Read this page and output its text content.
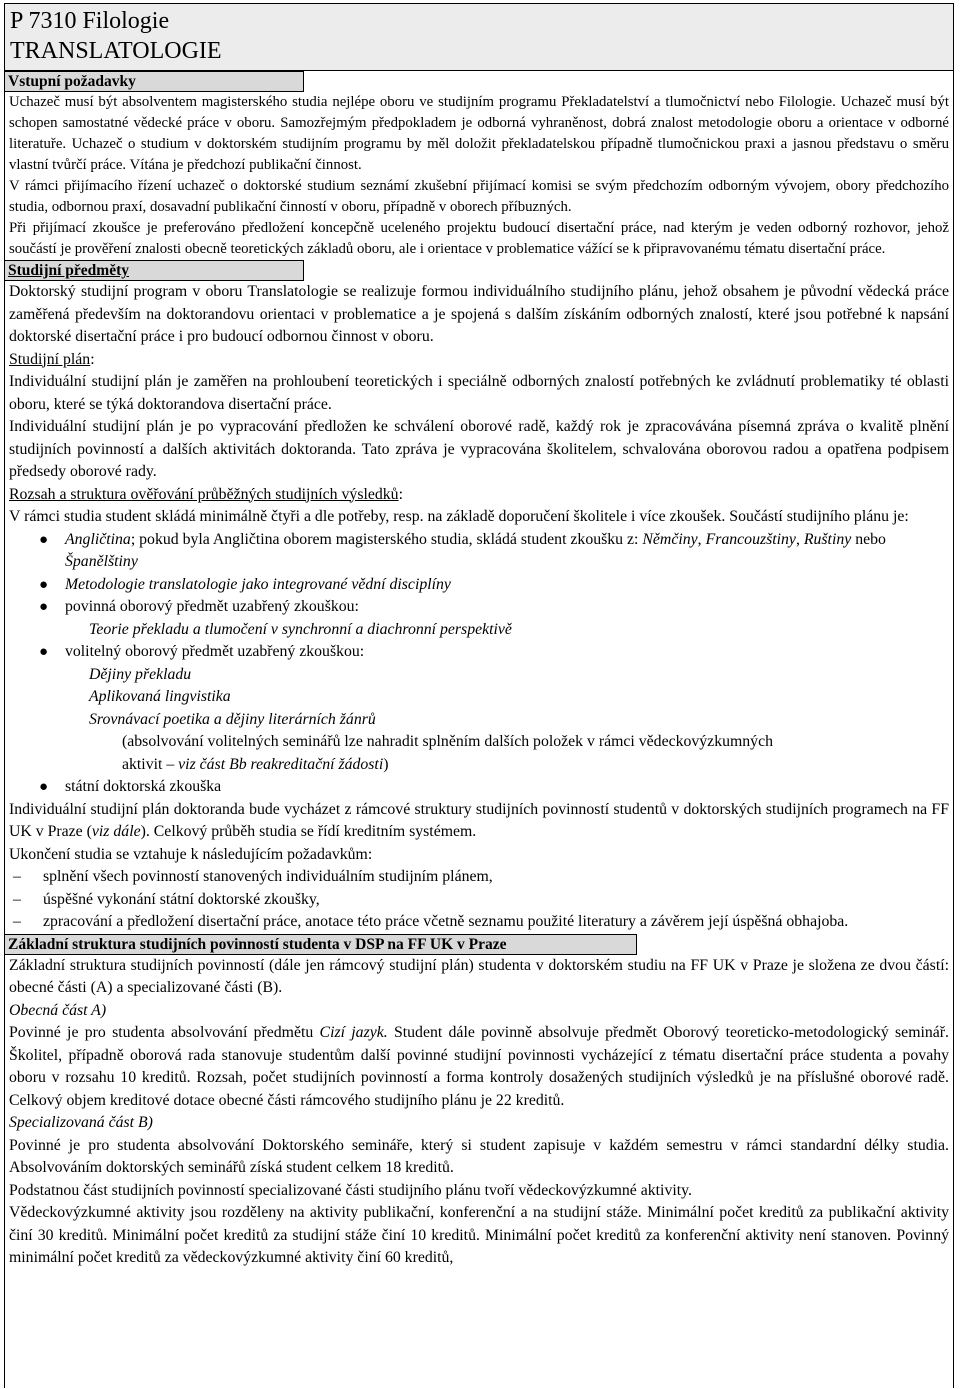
P 7310 Filologie
TRANSLATOLOGIE
Vstupní požadavky

Uchazeč musí být absolventem magisterského studia nejlépe oboru ve studijním programu Překladatelství a tlumočnictví nebo Filologie. Uchazeč musí být schopen samostatné vědecké práce v oboru. Samozřejmým předpokladem je odborná vyhraněnost, dobrá znalost metodologie oboru a orientace v odborné literatuře. Uchazeč o studium v doktorském studijním programu by měl doložit překladatelskou případně tlumočnickou praxi a jasnou představu o směru vlastní tvůrčí práce. Vítána je předchozí publikační činnost.

V rámci přijímacího řízení uchazeč o doktorské studium seznámí zkušební přijímací komisi se svým předchozím odborným vývojem, obory předchozího studia, odbornou praxí, dosavadní publikační činností v oboru, případně v oborech příbuzných.

Při přijímací zkoušce je preferováno předložení koncepčně uceleného projektu budoucí disertační práce, nad kterým je veden odborný rozhovor, jehož součástí je prověření znalosti obecně teoretických základů oboru, ale i orientace v problematice vážící se k připravovanému tématu disertační práce.

Studijní předměty

Doktorský studijní program v oboru Translatologie se realizuje formou individuálního studijního plánu, jehož obsahem je původní vědecká práce zaměřená především na doktorandovu orientaci v problematice a je spojená s dalším získáním odborných znalostí, které jsou potřebné k napsání doktorské disertační práce i pro budoucí odbornou činnost v oboru.

Studijní plán:

Individuální studijní plán je zaměřen na prohloubení teoretických i speciálně odborných znalostí potřebných ke zvládnutí problematiky té oblasti oboru, které se týká doktorandova disertační práce.

Individuální studijní plán je po vypracování předložen ke schválení oborové radě, každý rok je zpracovávána písemná zpráva o kvalitě plnění studijních povinností a dalších aktivitách doktoranda. Tato zpráva je vypracována školitelem, schvalována oborovou radou a opatřena podpisem předsedy oborové rady.

Rozsah a struktura ověřování průběžných studijních výsledků:

V rámci studia student skládá minimálně čtyři a dle potřeby, resp. na základě doporučení školitele i více zkoušek. Součástí studijního plánu je:

● Angličtina; pokud byla Angličtina oborem magisterského studia, skládá student zkoušku z: Němčiny, Francouzštiny, Ruštiny nebo Španělštiny
● Metodologie translatologie jako integrované vědní disciplíny
● povinná oborový předmět uzabřený zkouškou:
Teorie překladu a tlumočení v synchronní a diachronní perspektivě
● volitelný oborový předmět uzabřený zkouškou:
Dějiny překladu
Aplikovaná lingvistika
Srovnávací poetika a dějiny literárních žánrů
(absolvování volitelných seminářů lze nahradit splněním dalších položek v rámci vědeckovýzkumných
aktivit – viz část Bb reakreditační žádosti)
● státní doktorská zkouška

Individuální studijní plán doktoranda bude vycházet z rámcové struktury studijních povinností studentů v doktorských studijních programech na FF UK v Praze (viz dále). Celkový průběh studia se řídí kreditním systémem.

Ukončení studia se vztahuje k následujícím požadavkům:

– splnění všech povinností stanovených individuálním studijním plánem,
– úspěšné vykonání státní doktorské zkoušky,
– zpracování a předložení disertační práce, anotace této práce včetně seznamu použité literatury a závěrem její úspěšná obhajoba.
Základní struktura studijních povinností studenta v DSP na FF UK v Praze

Základní struktura studijních povinností (dále jen rámcový studijní plán) studenta v doktorském studiu na FF UK v Praze je složena ze dvou částí: obecné části (A) a specializované části (B).

Obecná část A)

Povinné je pro studenta absolvování předmětu Cizí jazyk. Student dále povinně absolvuje předmět Oborový teoreticko-metodologický seminář. Školitel, případně oborová rada stanovuje studentům další povinné studijní povinnosti vycházející z tématu disertační práce studenta a povahy oboru v rozsahu 10 kreditů. Rozsah, počet studijních povinností a forma kontroly dosažených studijních výsledků je na příslušné oborové radě. Celkový objem kreditové dotace obecné části rámcového studijního plánu je 22 kreditů.

Specializovaná část B)

Povinné je pro studenta absolvování Doktorského semináře, který si student zapisuje v každém semestru v rámci standardní délky studia. Absolvováním doktorských seminářů získá student celkem 18 kreditů.

Podstatnou část studijních povinností specializované části studijního plánu tvoří vědeckovýzkumné aktivity.

Vědeckovýzkumné aktivity jsou rozděleny na aktivity publikační, konferenční a na studijní stáže. Minimální počet kreditů za publikační aktivity činí 30 kreditů. Minimální počet kreditů za studijní stáže činí 10 kreditů. Minimální počet kreditů za konferenční aktivity není stanoven. Povinný minimální počet kreditů za vědeckovýzkumné aktivity činí 60 kreditů,
